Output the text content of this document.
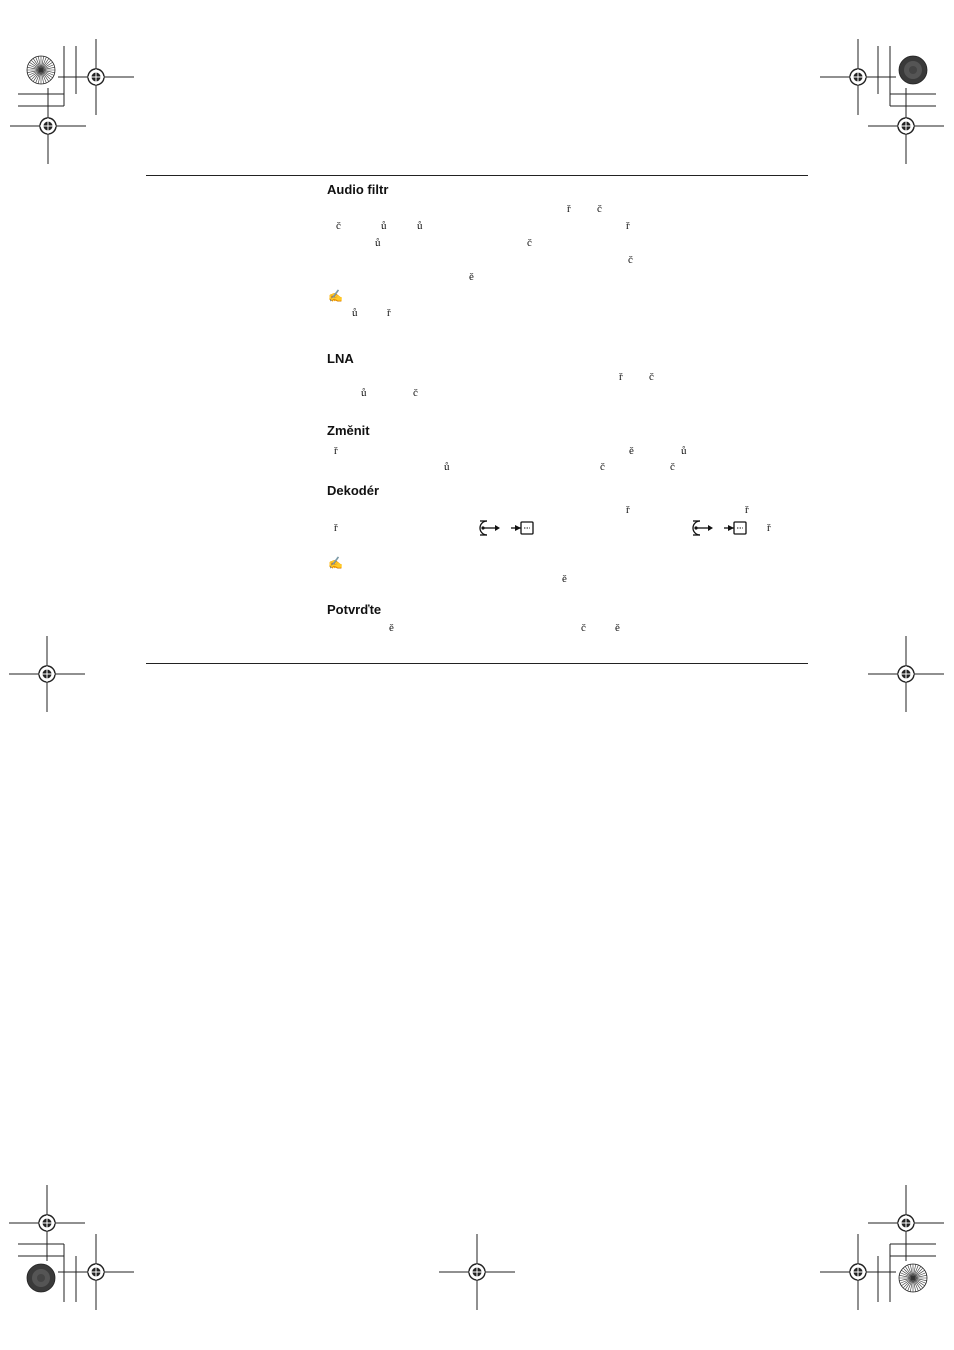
Audio filtr
ř č
č	ů	ů	ř
ů	č
č
ě
✍
ů	ř
LNA
ř č
ů	č
Změnit
ř	ě	ů
ů	č	č
Dekodér
ř	ř
ř	ř
✍
ě
Potvrďte
ě	č	ě
